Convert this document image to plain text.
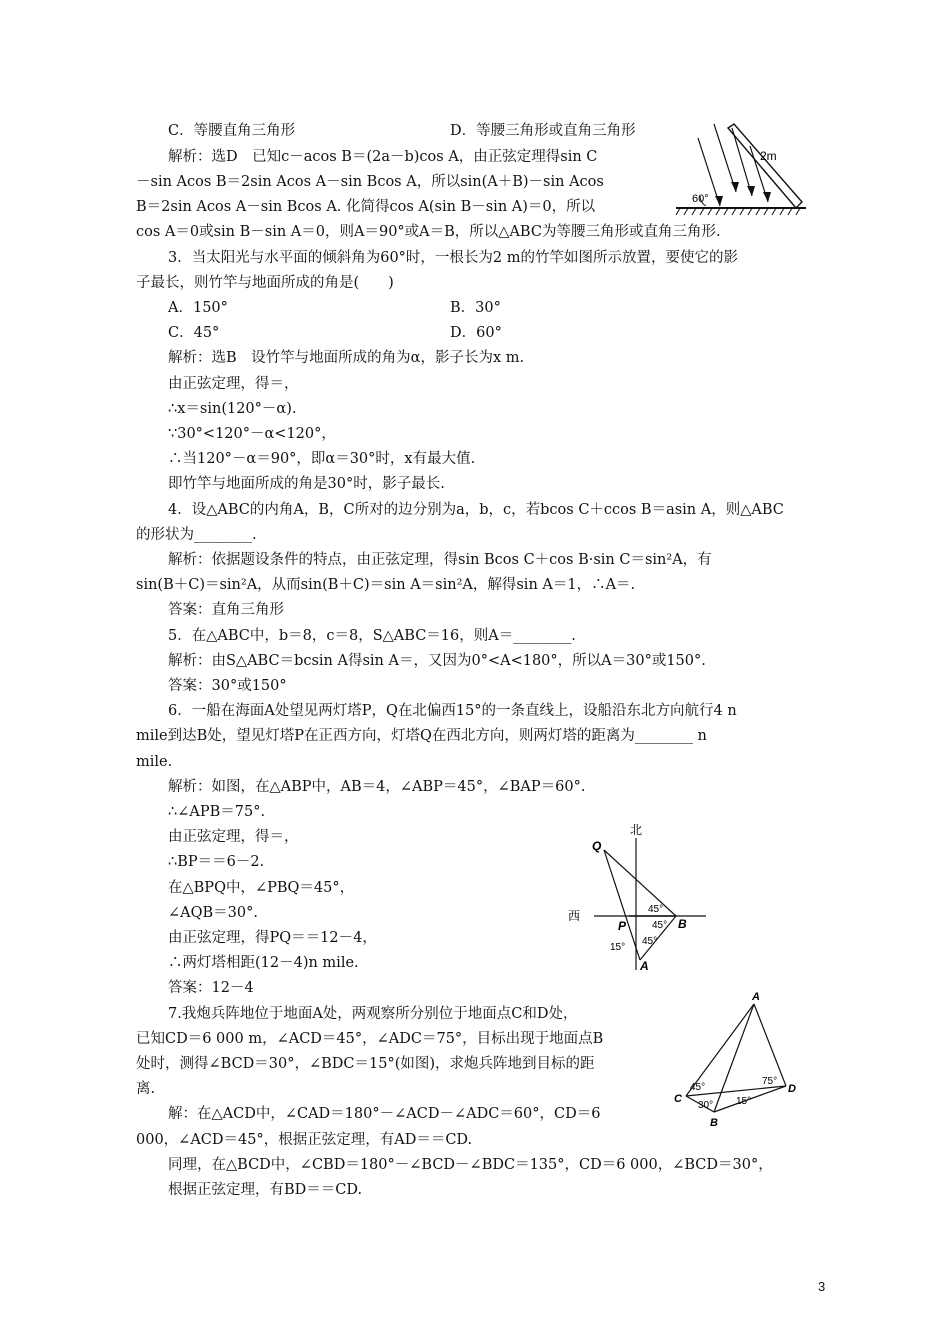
C．等腰直角三角形	D．等腰三角形或直角三角形
解析：选D　已知c－acos B＝(2a－b)cos A，由正弦定理得sin C
－sin Acos B＝2sin Acos A－sin Bcos A，所以sin(A＋B)－sin Acos
B＝2sin Acos A－sin Bcos A. 化简得cos A(sin B－sin A)＝0，所以
cos A＝0或sin B－sin A＝0，则A＝90°或A＝B，所以△ABC为等腰三角形或直角三角形.
3．当太阳光与水平面的倾斜角为60°时，一根长为2 m的竹竿如图所示放置，要使它的影
子最长，则竹竿与地面所成的角是(　　)
A．150°	B．30°
C．45°	D．60°
解析：选B　设竹竿与地面所成的角为α，影子长为x m.
由正弦定理，得＝，
∴x＝sin(120°－α).
∵30°<120°－α<120°，
∴当120°－α＝90°，即α＝30°时，x有最大值.
即竹竿与地面所成的角是30°时，影子最长.
4．设△ABC的内角A，B，C所对的边分别为a，b，c，若bcos C＋ccos B＝asin A，则△ABC
的形状为________.
解析：依据题设条件的特点，由正弦定理，得sin Bcos C＋cos B·sin C＝sin²A，有
sin(B＋C)＝sin²A，从而sin(B＋C)＝sin A＝sin²A，解得sin A＝1，∴A＝.
答案：直角三角形
5．在△ABC中，b＝8，c＝8，S△ABC＝16，则A＝________.
解析：由S△ABC＝bcsin A得sin A＝，又因为0°<A<180°，所以A＝30°或150°.
答案：30°或150°
6．一船在海面A处望见两灯塔P，Q在北偏西15°的一条直线上，设船沿东北方向航行4 n
mile到达B处，望见灯塔P在正西方向，灯塔Q在西北方向，则两灯塔的距离为________ n
mile.
解析：如图，在△ABP中，AB＝4，∠ABP＝45°，∠BAP＝60°.
∴∠APB＝75°.
由正弦定理，得＝，
∴BP＝＝6－2.
在△BPQ中，∠PBQ＝45°，
∠AQB＝30°.
由正弦定理，得PQ＝＝12－4，
∴两灯塔相距(12－4)n mile.
答案：12－4
7.我炮兵阵地位于地面A处，两观察所分别位于地面点C和D处，
已知CD＝6 000 m，∠ACD＝45°，∠ADC＝75°，目标出现于地面点B
处时，测得∠BCD＝30°，∠BDC＝15°(如图)，求炮兵阵地到目标的距
离.
解：在△ACD中，∠CAD＝180°－∠ACD－∠ADC＝60°，CD＝6
000，∠ACD＝45°，根据正弦定理，有AD＝＝CD.
同理，在△BCD中，∠CBD＝180°－∠BCD－∠BDC＝135°，CD＝6 000，∠BCD＝30°，
根据正弦定理，有BD＝＝CD.
60°
2m
北
西
Q
P	B
A
45°
45°
45°
15°
A
C
D
B
45°
30° 15°
75°
3
